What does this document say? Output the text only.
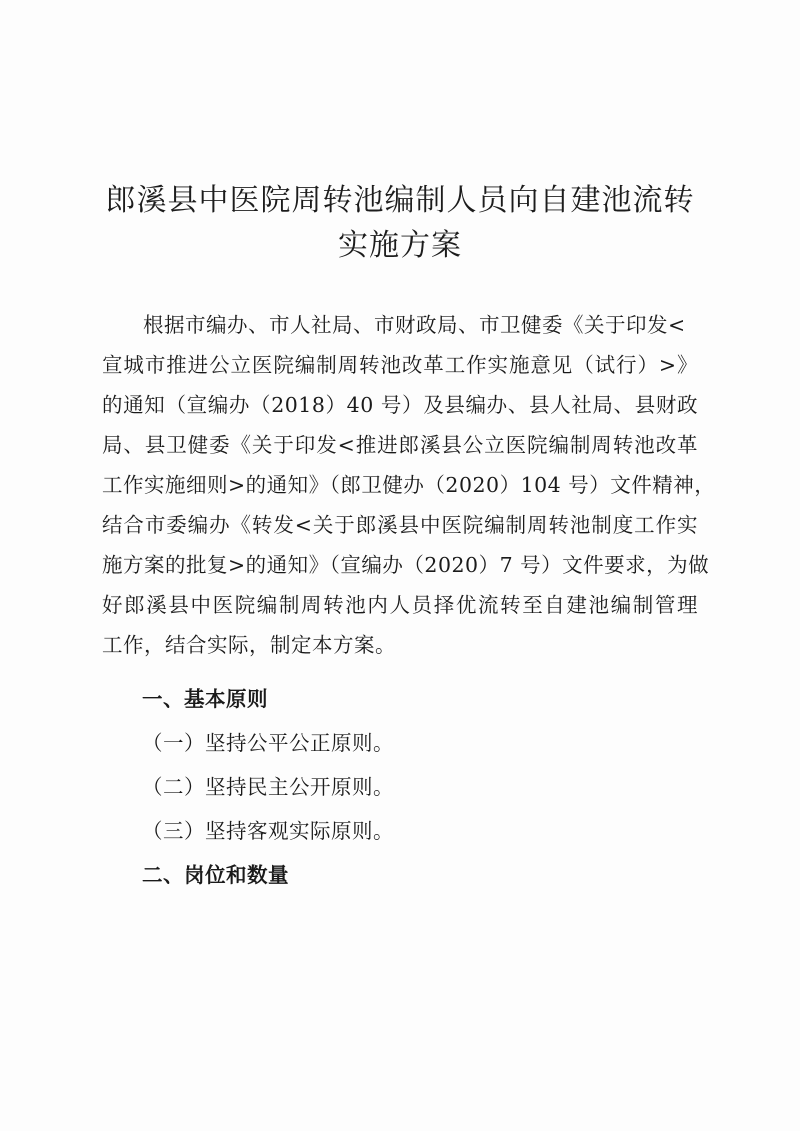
郎溪县中医院周转池编制人员向自建池流转
实施方案
根据市编办、市人社局、市财政局、市卫健委《关于印发<
宣城市推进公立医院编制周转池改革工作实施意见（试行）>》
的通知（宣编办（2018）40 号）及县编办、县人社局、县财政
局、县卫健委《关于印发<推进郎溪县公立医院编制周转池改革
工作实施细则>的通知》（郎卫健办（2020）104 号）文件精神，
结合市委编办《转发<关于郎溪县中医院编制周转池制度工作实
施方案的批复>的通知》（宣编办（2020）7 号）文件要求，为做
好郎溪县中医院编制周转池内人员择优流转至自建池编制管理
工作，结合实际，制定本方案。
一、基本原则
（一）坚持公平公正原则。
（二）坚持民主公开原则。
（三）坚持客观实际原则。
二、岗位和数量
